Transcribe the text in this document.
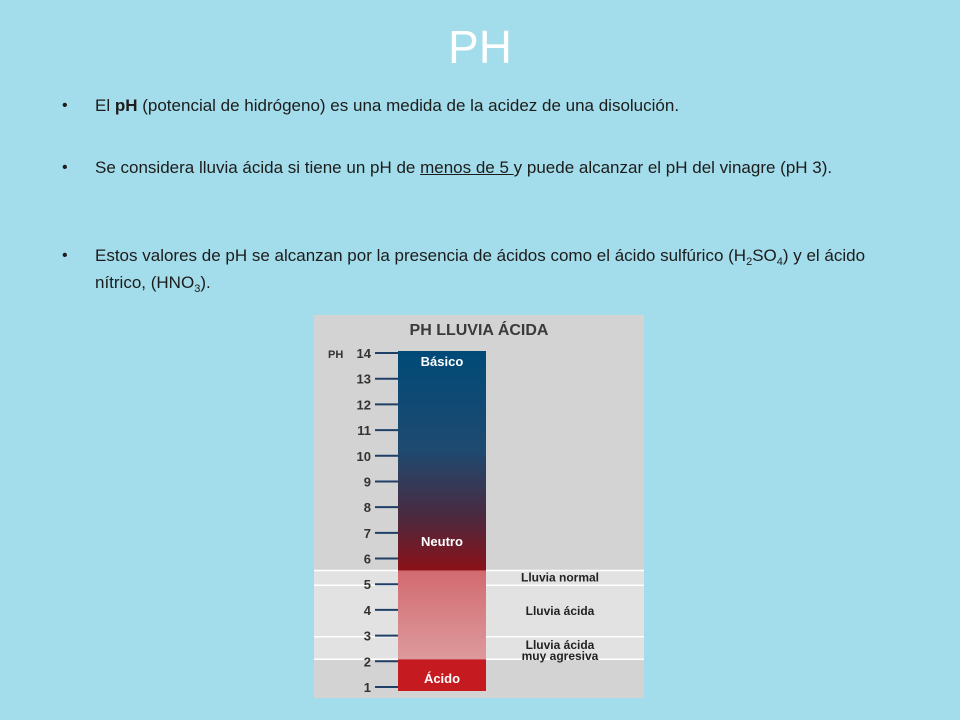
PH
• El pH (potencial de hidrógeno) es una medida de la acidez de una disolución.
• Se considera lluvia ácida si tiene un pH de menos de 5 y puede alcanzar el pH del vinagre (pH 3).
• Estos valores de pH se alcanzan por la presencia de ácidos como el ácido sulfúrico $(H_2SO_4)$ y el ácido nítrico, $(HNO_3)$.
PH LLUVIA ÁCIDA
PH 14
13
12
11
10
9
8
7
6
5
4
3
2
1
Básico
Neutro
Ácido
Lluvia normal
Lluvia ácida
Lluvia ácida
muy agresiva
